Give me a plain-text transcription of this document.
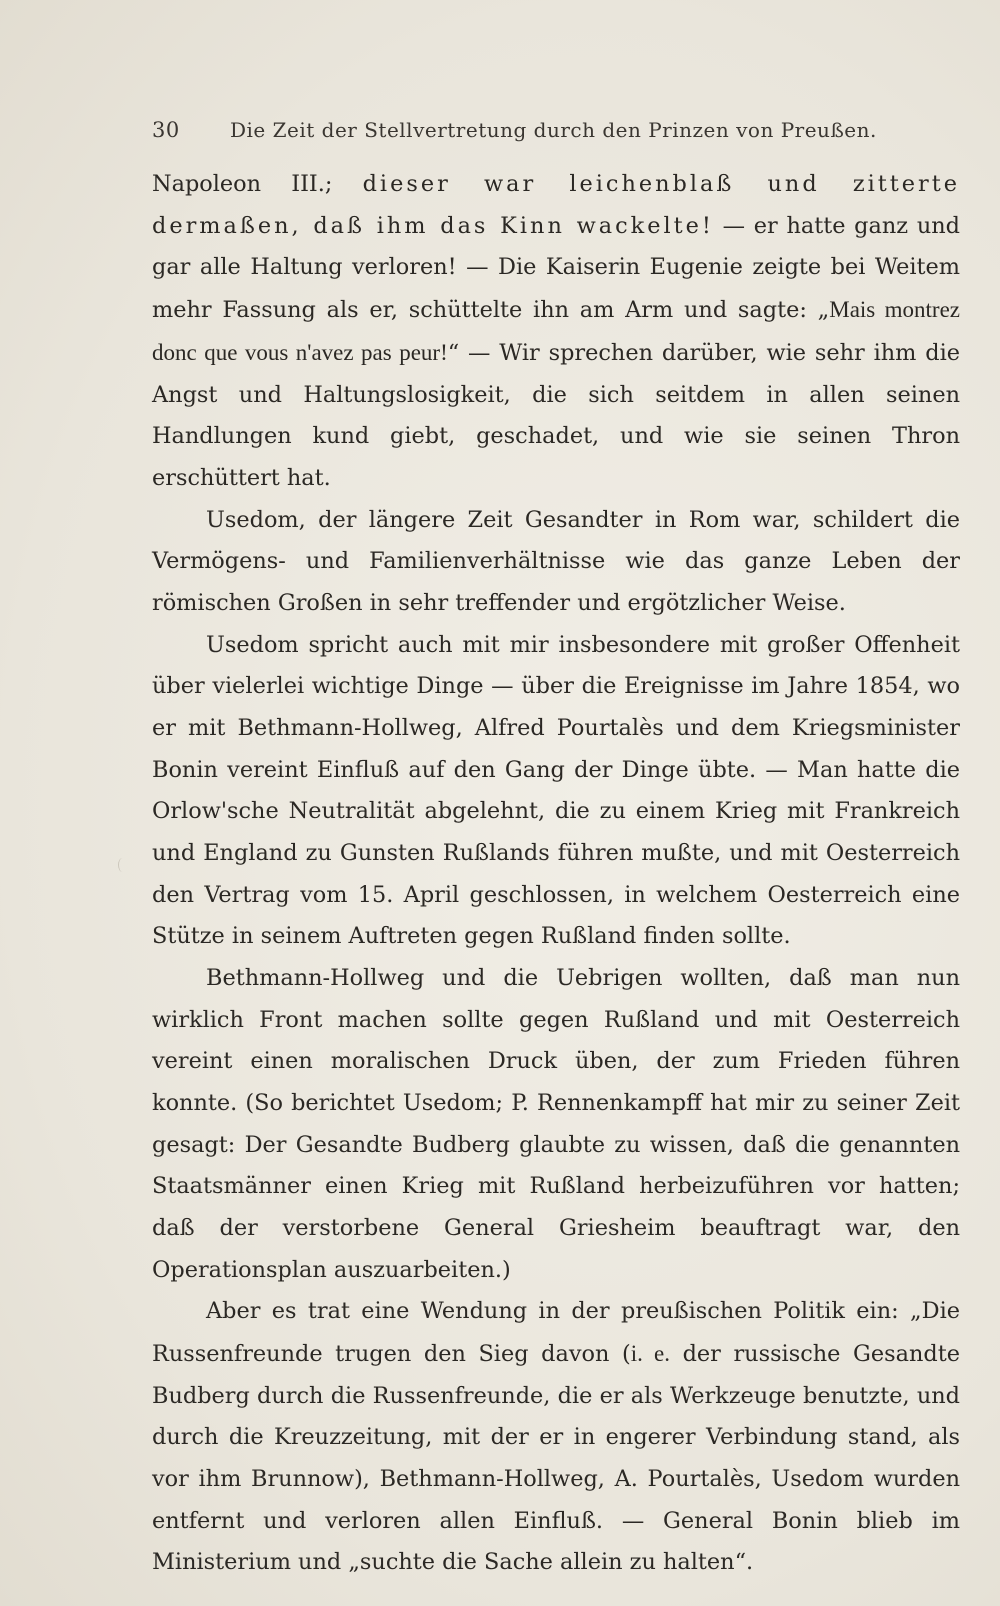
30	Die Zeit der Stellvertretung durch den Prinzen von Preußen.

Napoleon III.; dieser war leichenblaß und zitterte dermaßen, daß ihm das Kinn wackelte! — er hatte ganz und gar alle Haltung verloren! — Die Kaiserin Eugenie zeigte bei Weitem mehr Fassung als er, schüttelte ihn am Arm und sagte: „Mais montrez donc que vous n'avez pas peur!“ — Wir sprechen darüber, wie sehr ihm die Angst und Haltungslosigkeit, die sich seitdem in allen seinen Handlungen kund giebt, geschadet, und wie sie seinen Thron erschüttert hat.

Usedom, der längere Zeit Gesandter in Rom war, schildert die Vermögens- und Familienverhältnisse wie das ganze Leben der römischen Großen in sehr treffender und ergötzlicher Weise.

Usedom spricht auch mit mir insbesondere mit großer Offenheit über vielerlei wichtige Dinge — über die Ereignisse im Jahre 1854, wo er mit Bethmann-Hollweg, Alfred Pourtalès und dem Kriegsminister Bonin vereint Einfluß auf den Gang der Dinge übte. — Man hatte die Orlow'sche Neutralität abgelehnt, die zu einem Krieg mit Frankreich und England zu Gunsten Rußlands führen mußte, und mit Oesterreich den Vertrag vom 15. April geschlossen, in welchem Oesterreich eine Stütze in seinem Auftreten gegen Rußland finden sollte.

Bethmann-Hollweg und die Uebrigen wollten, daß man nun wirklich Front machen sollte gegen Rußland und mit Oesterreich vereint einen moralischen Druck üben, der zum Frieden führen konnte. (So berichtet Usedom; P. Rennenkampff hat mir zu seiner Zeit gesagt: Der Gesandte Budberg glaubte zu wissen, daß die genannten Staatsmänner einen Krieg mit Rußland herbeizuführen vor hatten; daß der verstorbene General Griesheim beauftragt war, den Operationsplan auszuarbeiten.)

Aber es trat eine Wendung in der preußischen Politik ein: „Die Russenfreunde trugen den Sieg davon (i. e. der russische Gesandte Budberg durch die Russenfreunde, die er als Werkzeuge benutzte, und durch die Kreuzzeitung, mit der er in engerer Verbindung stand, als vor ihm Brunnow), Bethmann-Hollweg, A. Pourtalès, Usedom wurden entfernt und verloren allen Einfluß. — General Bonin blieb im Ministerium und „suchte die Sache allein zu halten“.
